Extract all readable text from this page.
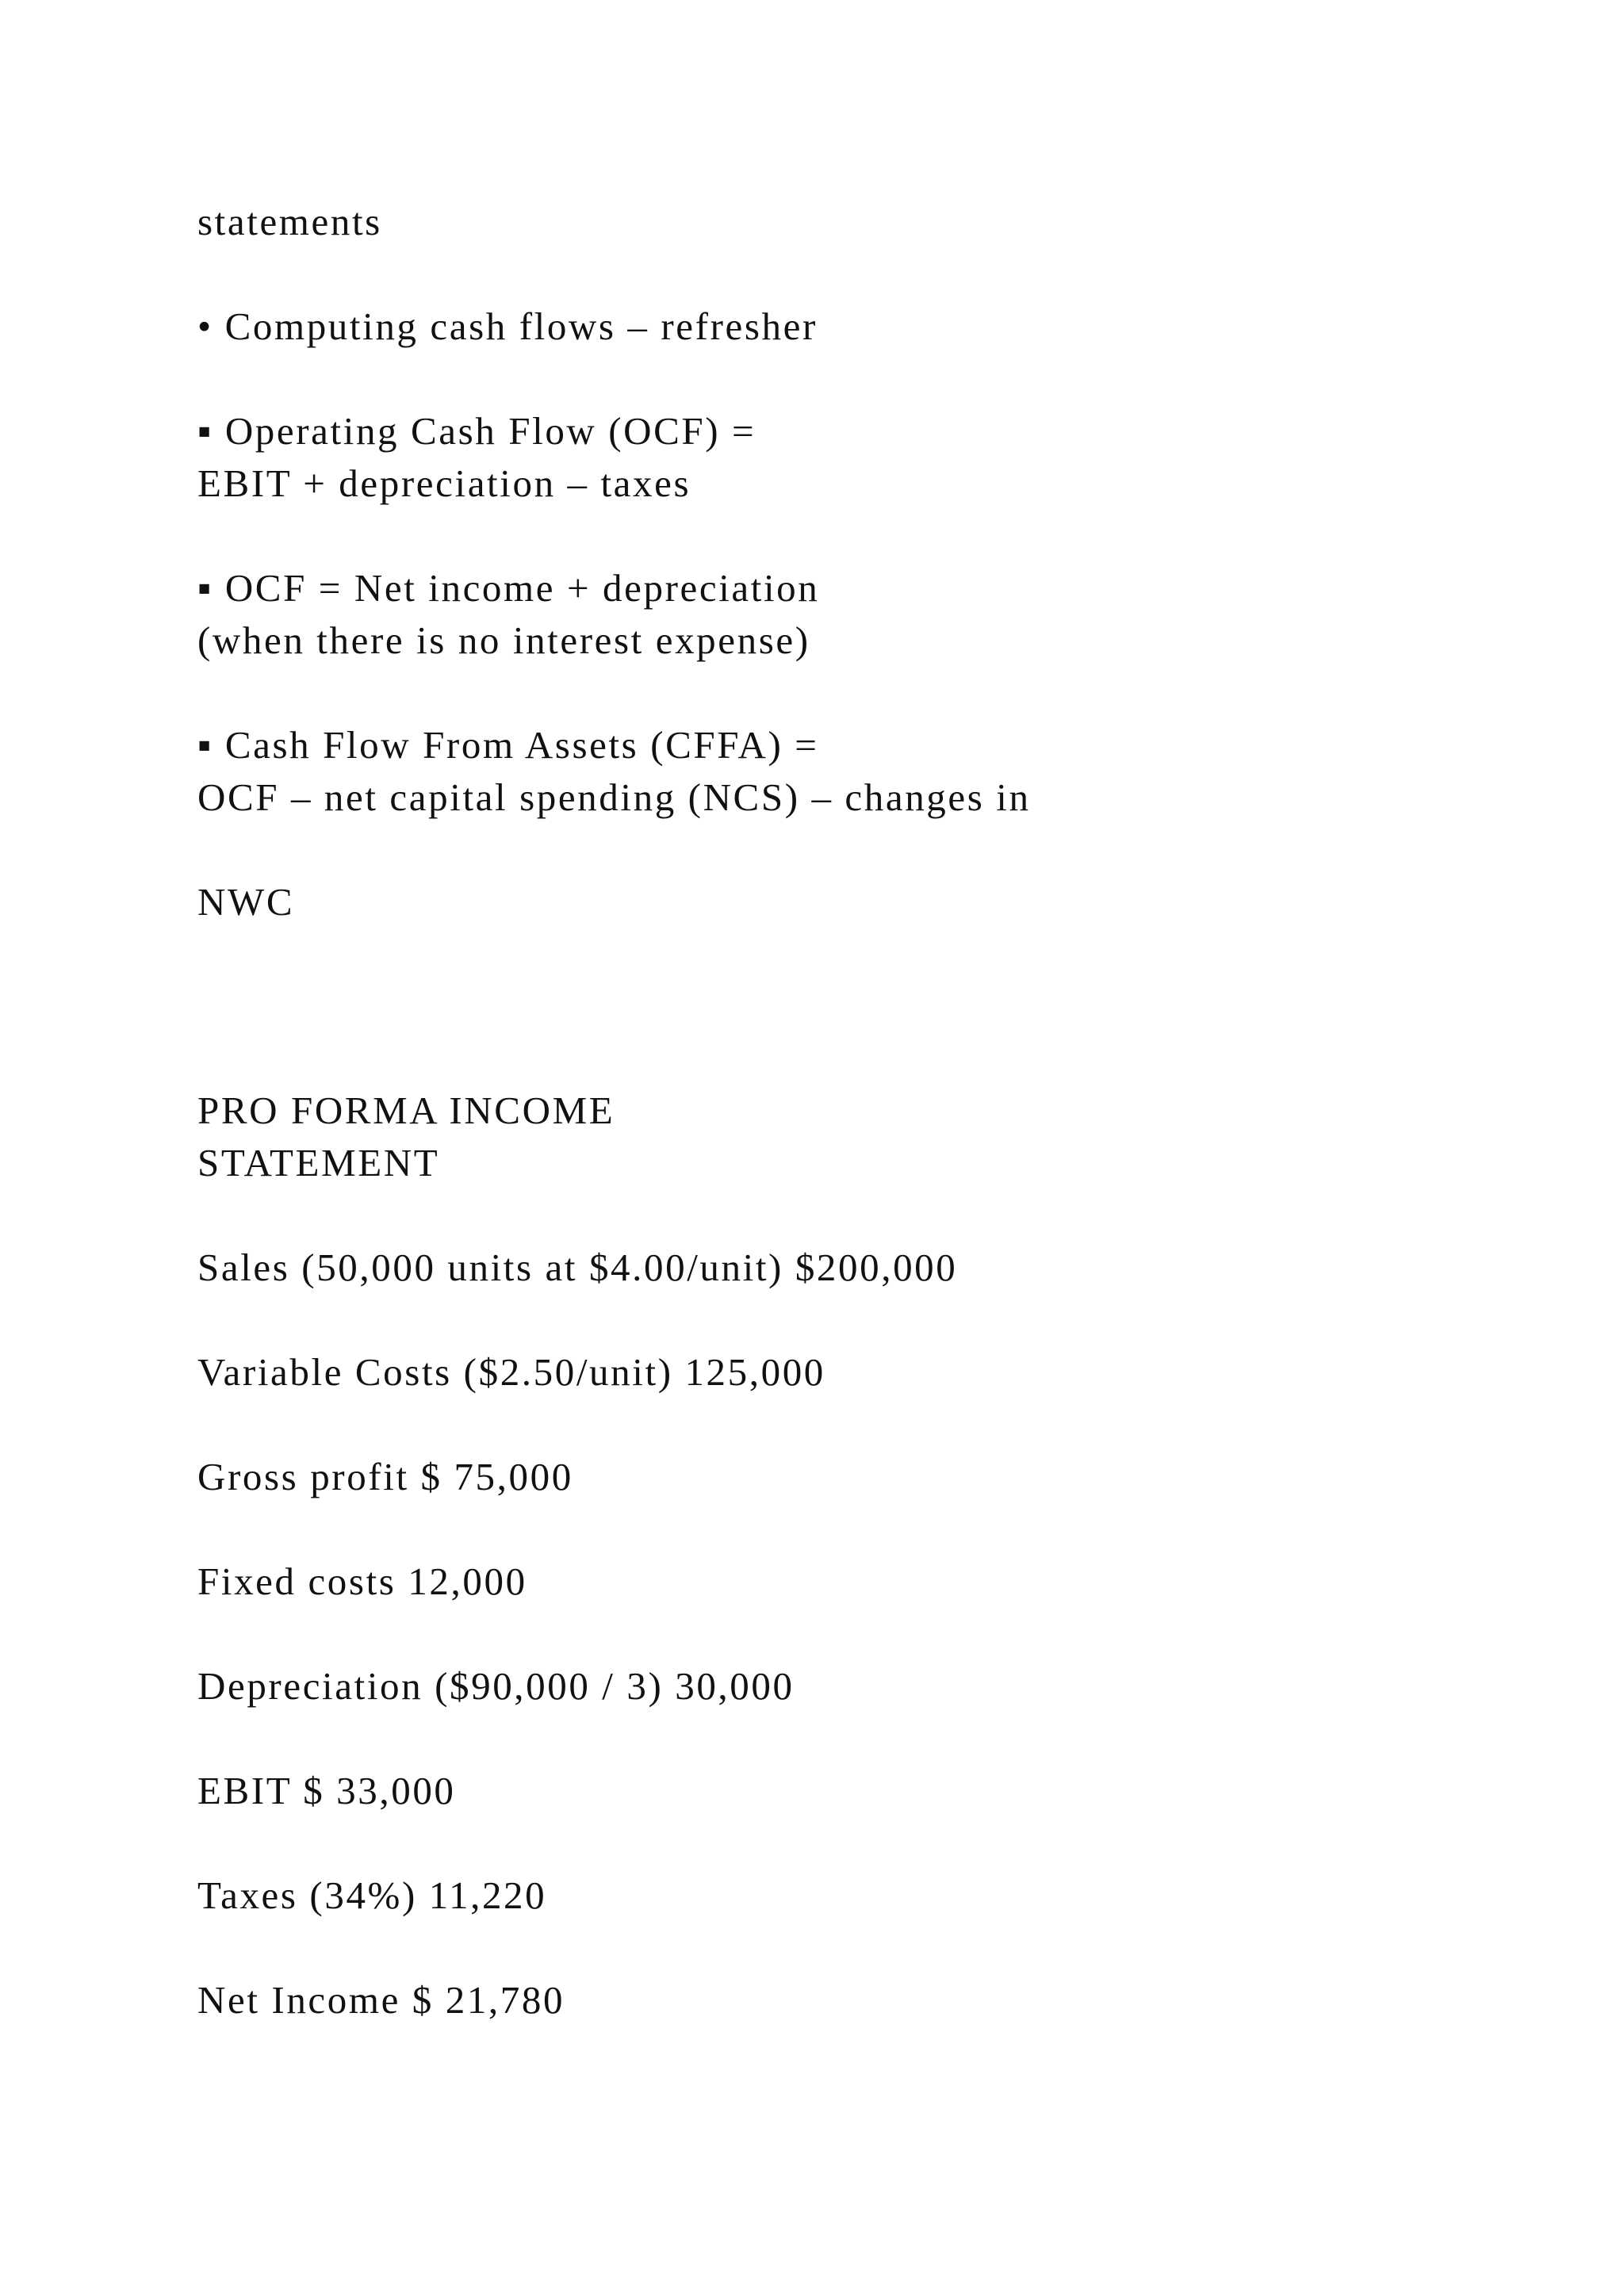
statements

• Computing cash flows – refresher

▪ Operating Cash Flow (OCF) =

EBIT + depreciation – taxes

▪ OCF = Net income + depreciation

(when there is no interest expense)

▪ Cash Flow From Assets (CFFA) =

OCF – net capital spending (NCS) – changes in

NWC

PRO FORMA INCOME

STATEMENT

Sales (50,000 units at $4.00/unit) $200,000

Variable Costs ($2.50/unit) 125,000

Gross profit $ 75,000

Fixed costs 12,000

Depreciation ($90,000 / 3) 30,000

EBIT $ 33,000

Taxes (34%) 11,220

Net Income $ 21,780
